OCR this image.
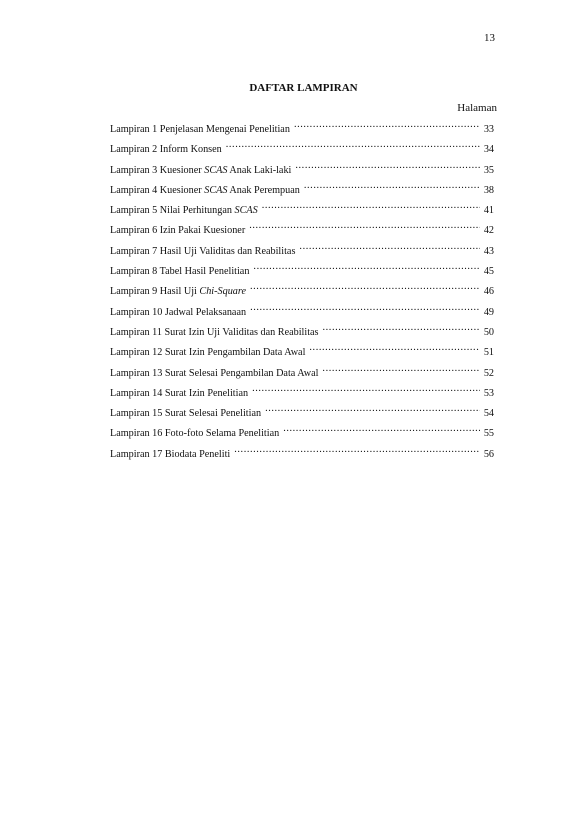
13
DAFTAR LAMPIRAN
Halaman
Lampiran 1 Penjelasan Mengenai Penelitian .....	33
Lampiran 2 Inform Konsen .....	34
Lampiran 3 Kuesioner SCAS Anak Laki-laki .....	35
Lampiran 4 Kuesioner SCAS Anak Perempuan .....	38
Lampiran 5 Nilai Perhitungan SCAS .....	41
Lampiran 6 Izin Pakai Kuesioner .....	42
Lampiran 7 Hasil Uji Validitas dan Reabilitas .....	43
Lampiran 8 Tabel Hasil Penelitian .....	45
Lampiran 9 Hasil Uji Chi-Square .....	46
Lampiran 10 Jadwal Pelaksanaan .....	49
Lampiran 11 Surat Izin Uji Validitas dan Reabilitas .....	50
Lampiran 12 Surat Izin Pengambilan Data Awal .....	51
Lampiran 13 Surat Selesai Pengambilan Data Awal .....	52
Lampiran 14 Surat Izin Penelitian .....	53
Lampiran 15 Surat Selesai Penelitian .....	54
Lampiran 16 Foto-foto Selama Penelitian .....	55
Lampiran 17 Biodata Peneliti .....	56
